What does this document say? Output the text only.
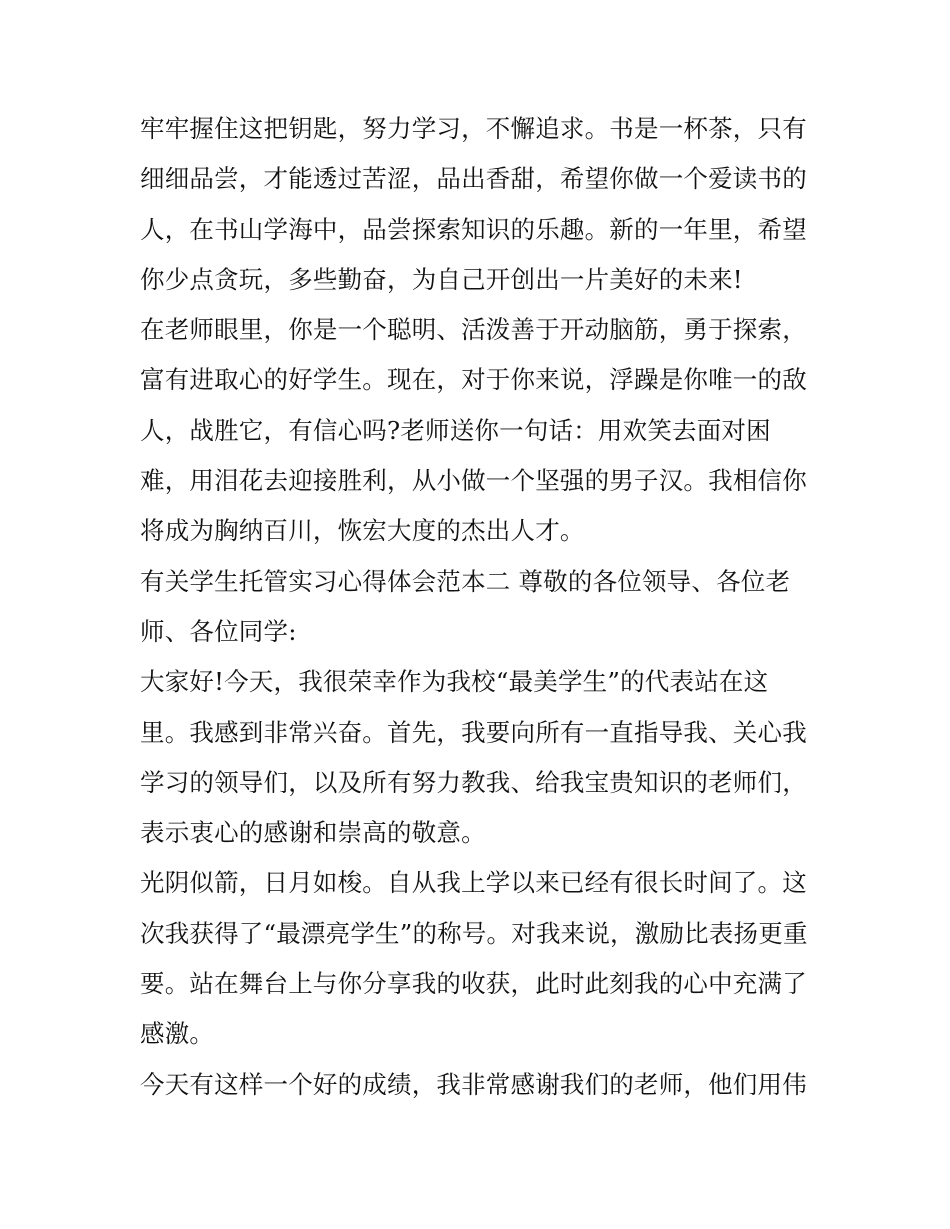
牢牢握住这把钥匙，努力学习，不懈追求。书是一杯茶，只有
细细品尝，才能透过苦涩，品出香甜，希望你做一个爱读书的
人，在书山学海中，品尝探索知识的乐趣。新的一年里，希望
你少点贪玩，多些勤奋，为自己开创出一片美好的未来!
在老师眼里，你是一个聪明、活泼善于开动脑筋，勇于探索，
富有进取心的好学生。现在，对于你来说，浮躁是你唯一的敌
人，战胜它，有信心吗?老师送你一句话：用欢笑去面对困
难，用泪花去迎接胜利，从小做一个坚强的男子汉。我相信你
将成为胸纳百川，恢宏大度的杰出人才。
有关学生托管实习心得体会范本二 尊敬的各位领导、各位老
师、各位同学:
大家好!今天，我很荣幸作为我校“最美学生”的代表站在这
里。我感到非常兴奋。首先，我要向所有一直指导我、关心我
学习的领导们，以及所有努力教我、给我宝贵知识的老师们，
表示衷心的感谢和崇高的敬意。
光阴似箭，日月如梭。自从我上学以来已经有很长时间了。这
次我获得了“最漂亮学生”的称号。对我来说，激励比表扬更重
要。站在舞台上与你分享我的收获，此时此刻我的心中充满了
感激。
今天有这样一个好的成绩，我非常感谢我们的老师，他们用伟
